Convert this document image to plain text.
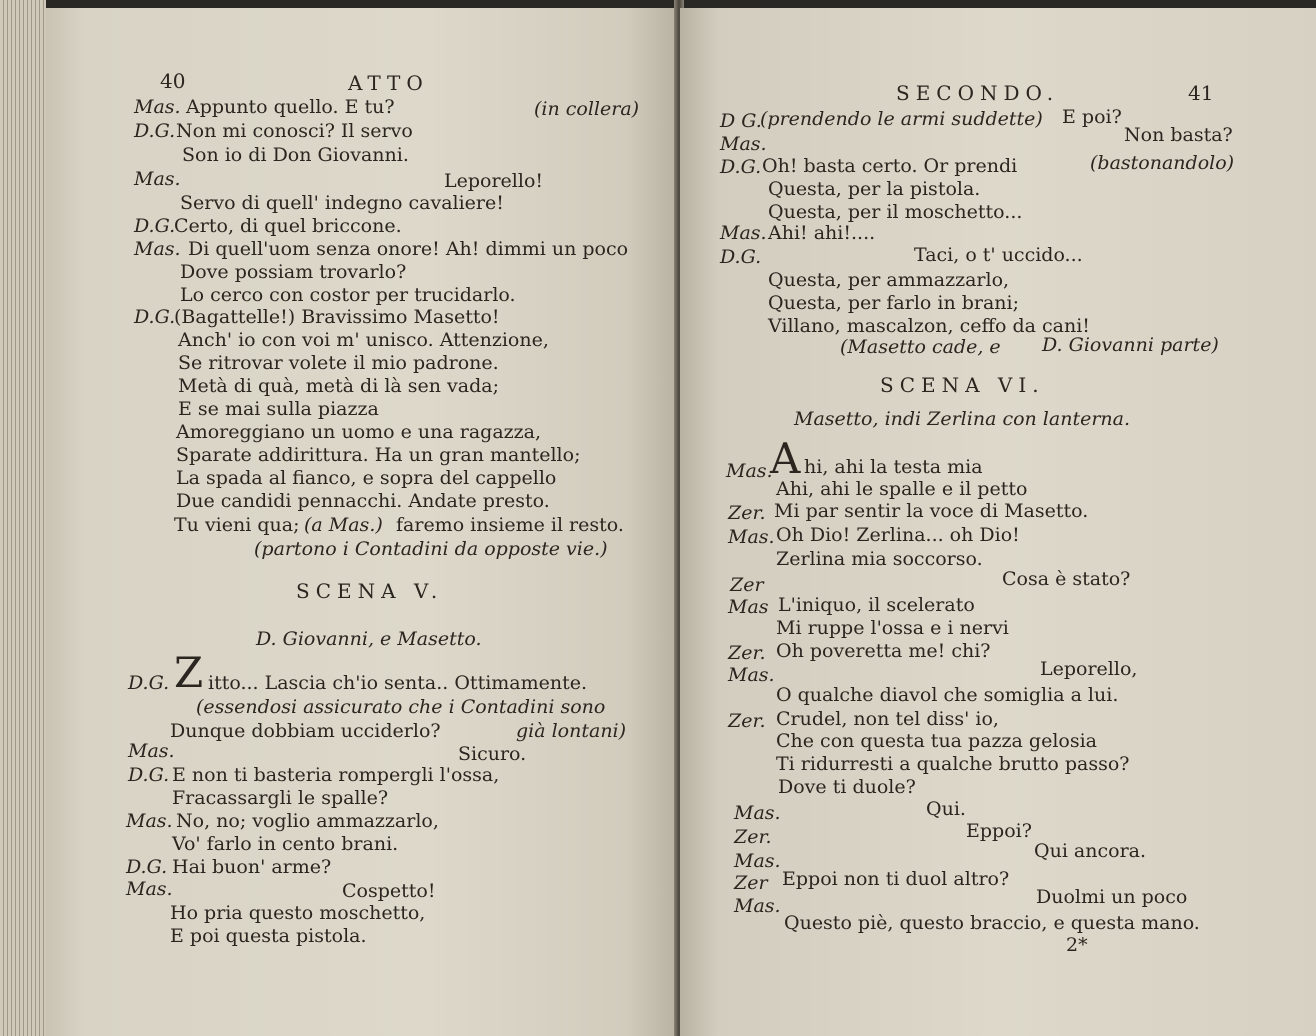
40	ATTO
Mas. Appunto quello. E tu?	(in collera)
D.G. Non mi conosci? Il servo
Son io di Don Giovanni.
Mas.	Leporello!
Servo di quell' indegno cavaliere!
D.G.
Certo, di quel briccone.
Mas. Di quell'uom senza onore! Ah! dimmi un poco
Dove possiam trovarlo?
Lo cerco con costor per trucidarlo.
D.G.
(Bagattelle!) Bravissimo Masetto!
Anch' io con voi m' unisco. Attenzione,
Se ritrovar volete il mio padrone.
Metà di quà, metà di là sen vada;
E se mai sulla piazza
Amoreggiano un uomo e una ragazza,
Sparate addirittura. Ha un gran mantello;
La spada al fianco, e sopra del cappello
Due candidi pennacchi. Andate presto.
Tu vieni qua; (a Mas.) faremo insieme il resto.
(partono i Contadini da opposte vie.)
SCENA V.
D. Giovanni, e Masetto.
D.G. Z itto... Lascia ch'io senta.. Ottimamente.
(essendosi assicurato che i Contadini sono
Dunque dobbiam ucciderlo?	già lontani)
Mas.	Sicuro.
D.G. E non ti basteria rompergli l'ossa,
Fracassargli le spalle?
Mas. No, no; voglio ammazzarlo,
Vo' farlo in cento brani.
D.G. Hai buon' arme?
Mas.	Cospetto!
Ho pria questo moschetto,
E poi questa pistola.
SECONDO.	41
D G.
(prendendo le armi suddette) E poi?
Mas.	Non basta?
D.G. Oh! basta certo. Or prendi	(bastonandolo)
Questa, per la pistola.
Questa, per il moschetto...
Mas. Ahi! ahi!....
D.G.	Taci, o t' uccido...
Questa, per ammazzarlo,
Questa, per farlo in brani;
Villano, mascalzon, ceffo da cani!
(Masetto cade, e D. Giovanni parte)
SCENA VI.
Masetto, indi Zerlina con lanterna.
Mas.
A hi, ahi la testa mia
Ahi, ahi le spalle e il petto
Zer. Mi par sentir la voce di Masetto.
Mas. Oh Dio! Zerlina... oh Dio!
Zerlina mia soccorso.
Zer	Cosa è stato?
Mas L'iniquo, il scelerato
Mi ruppe l'ossa e i nervi
Zer. Oh poveretta me! chi?
Mas.	Leporello,
O qualche diavol che somiglia a lui.
Zer. Crudel, non tel diss' io,
Che con questa tua pazza gelosia
Ti ridurresti a qualche brutto passo?
Dove ti duole?
Mas.	Qui.
Zer.	Eppoi?
Mas.	Qui ancora.
Zer Eppoi non ti duol altro?
Mas.	Duolmi un poco
Questo piè, questo braccio, e questa mano.
2*
